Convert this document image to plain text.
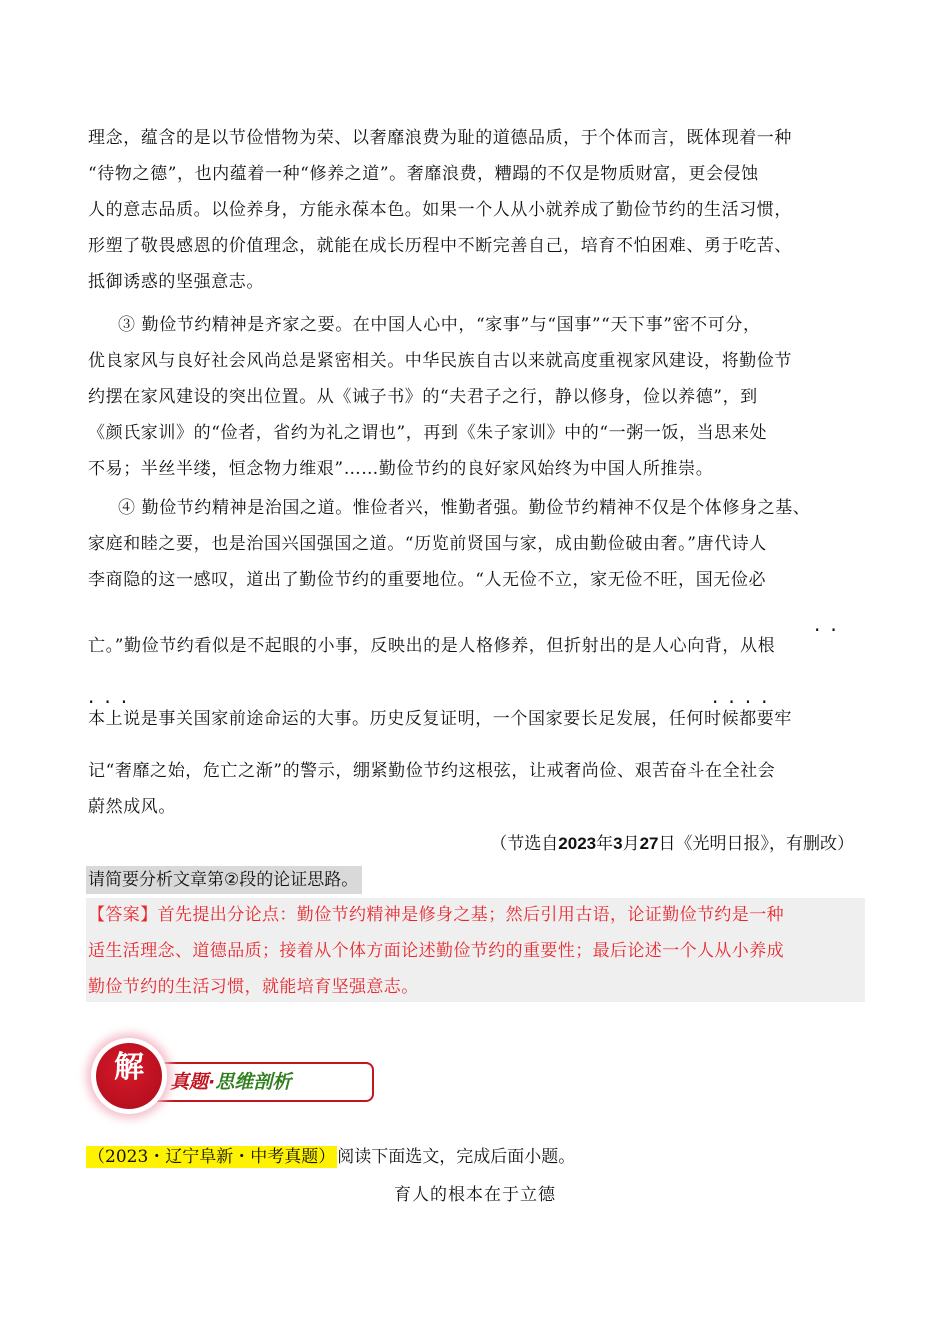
理念，蕴含的是以节俭惜物为荣、以奢靡浪费为耻的道德品质，于个体而言，既体现着一种
“待物之德”，也内蕴着一种“修养之道”。奢靡浪费，糟蹋的不仅是物质财富，更会侵蚀
人的意志品质。以俭养身，方能永葆本色。如果一个人从小就养成了勤俭节约的生活习惯，
形塑了敬畏感恩的价值理念，就能在成长历程中不断完善自己，培育不怕困难、勇于吃苦、
抵御诱惑的坚强意志。
③ 勤俭节约精神是齐家之要。在中国人心中，“家事”与“国事”“天下事”密不可分，
优良家风与良好社会风尚总是紧密相关。中华民族自古以来就高度重视家风建设，将勤俭节
约摆在家风建设的突出位置。从《诫子书》的“夫君子之行，静以修身，俭以养德”，到
《颜氏家训》的“俭者，省约为礼之谓也”，再到《朱子家训》中的“一粥一饭，当思来处
不易；半丝半缕，恒念物力维艰”……勤俭节约的良好家风始终为中国人所推崇。
④ 勤俭节约精神是治国之道。惟俭者兴，惟勤者强。勤俭节约精神不仅是个体修身之基、
家庭和睦之要，也是治国兴国强国之道。“历览前贤国与家，成由勤俭破由奢。”唐代诗人
李商隐的这一感叹，道出了勤俭节约的重要地位。“人无俭不立，家无俭不旺，国无俭必
··
亡。”勤俭节约看似是不起眼的小事，反映出的是人格修养，但折射出的是人心向背，从根
···	····
本上说是事关国家前途命运的大事。历史反复证明，一个国家要长足发展，任何时候都要牢
记“奢靡之始，危亡之渐”的警示，绷紧勤俭节约这根弦，让戒奢尚俭、艰苦奋斗在全社会
蔚然成风。
（节选自2023年3月27日《光明日报》，有删改）
请简要分析文章第②段的论证思路。
【答案】首先提出分论点：勤俭节约精神是修身之基；然后引用古语，论证勤俭节约是一种
适生活理念、道德品质；接着从个体方面论述勤俭节约的重要性；最后论述一个人从小养成
勤俭节约的生活习惯，就能培育坚强意志。
真题·思维剖析
解
（2023・辽宁阜新・中考真题） 阅读下面选文，完成后面小题。
育人的根本在于立德
